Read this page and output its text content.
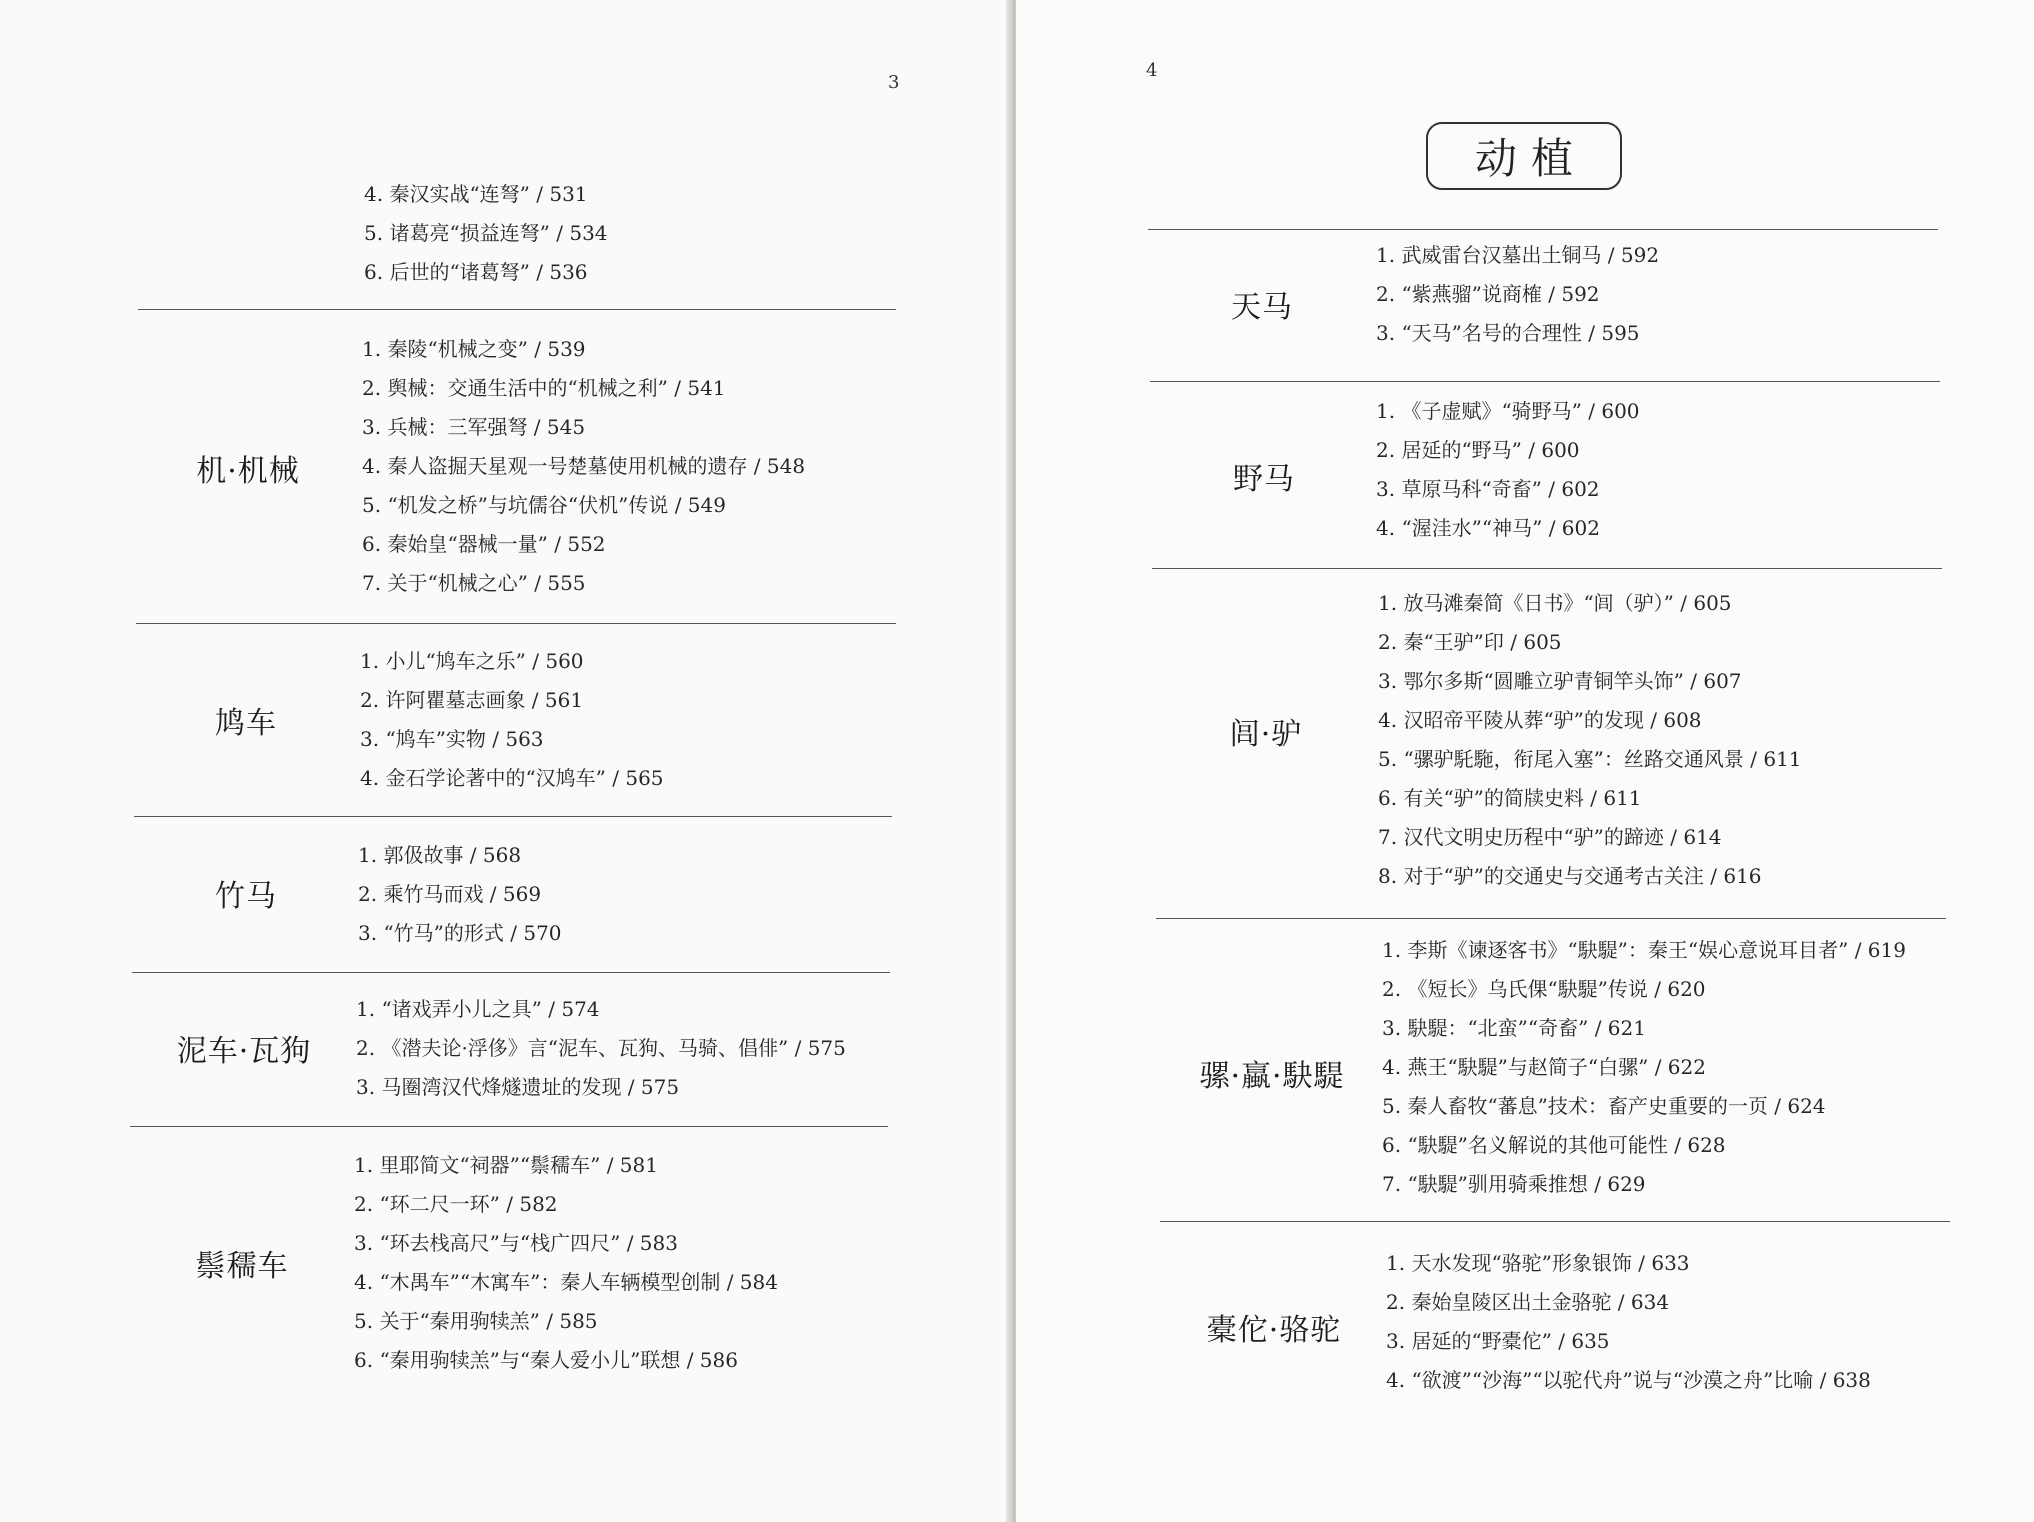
3
4. 秦汉实战“连弩” / 531
5. 诸葛亮“损益连弩” / 534
6. 后世的“诸葛弩” / 536
机·机械
1. 秦陵“机械之变” / 539
2. 舆械：交通生活中的“机械之利” / 541
3. 兵械：三军强弩 / 545
4. 秦人盗掘天星观一号楚墓使用机械的遗存 / 548
5. “机发之桥”与坑儒谷“伏机”传说 / 549
6. 秦始皇“器械一量” / 552
7. 关于“机械之心” / 555
鸠车
1. 小儿“鸠车之乐” / 560
2. 许阿瞿墓志画象 / 561
3. “鸠车”实物 / 563
4. 金石学论著中的“汉鸠车” / 565
竹马
1. 郭伋故事 / 568
2. 乘竹马而戏 / 569
3. “竹马”的形式 / 570
泥车·瓦狗
1. “诸戏弄小儿之具” / 574
2. 《潜夫论·浮侈》言“泥车、瓦狗、马骑、倡俳” / 575
3. 马圈湾汉代烽燧遗址的发现 / 575
鬃穤车
1. 里耶简文“祠器”“鬃穤车” / 581
2. “环二尺一环” / 582
3. “环去栈高尺”与“栈广四尺” / 583
4. “木禺车”“木寓车”：秦人车辆模型创制 / 584
5. 关于“秦用驹犊羔” / 585
6. “秦用驹犊羔”与“秦人爱小儿”联想 / 586
4
动植
天马
1. 武威雷台汉墓出土铜马 / 592
2. “紫燕骝”说商榷 / 592
3. “天马”名号的合理性 / 595
野马
1. 《子虚赋》“骑野马” / 600
2. 居延的“野马” / 600
3. 草原马科“奇畜” / 602
4. “渥洼水”“神马” / 602
闾·驴
1. 放马滩秦简《日书》“闾（驴）” / 605
2. 秦“王驴”印 / 605
3. 鄂尔多斯“圆雕立驴青铜竿头饰” / 607
4. 汉昭帝平陵从葬“驴”的发现 / 608
5. “骡驴馲駞，衔尾入塞”：丝路交通风景 / 611
6. 有关“驴”的简牍史料 / 611
7. 汉代文明史历程中“驴”的蹄迹 / 614
8. 对于“驴”的交通史与交通考古关注 / 616
骡·蠃·駃騠
1. 李斯《谏逐客书》“駃騠”：秦王“娱心意说耳目者” / 619
2. 《短长》乌氏倮“駃騠”传说 / 620
3. 駃騠：“北蛮”“奇畜” / 621
4. 燕王“駃騠”与赵简子“白骡” / 622
5. 秦人畜牧“蕃息”技术：畜产史重要的一页 / 624
6. “駃騠”名义解说的其他可能性 / 628
7. “駃騠”驯用骑乘推想 / 629
橐佗·骆驼
1. 天水发现“骆驼”形象银饰 / 633
2. 秦始皇陵区出土金骆驼 / 634
3. 居延的“野橐佗” / 635
4. “欲渡”“沙海”“以驼代舟”说与“沙漠之舟”比喻 / 638
